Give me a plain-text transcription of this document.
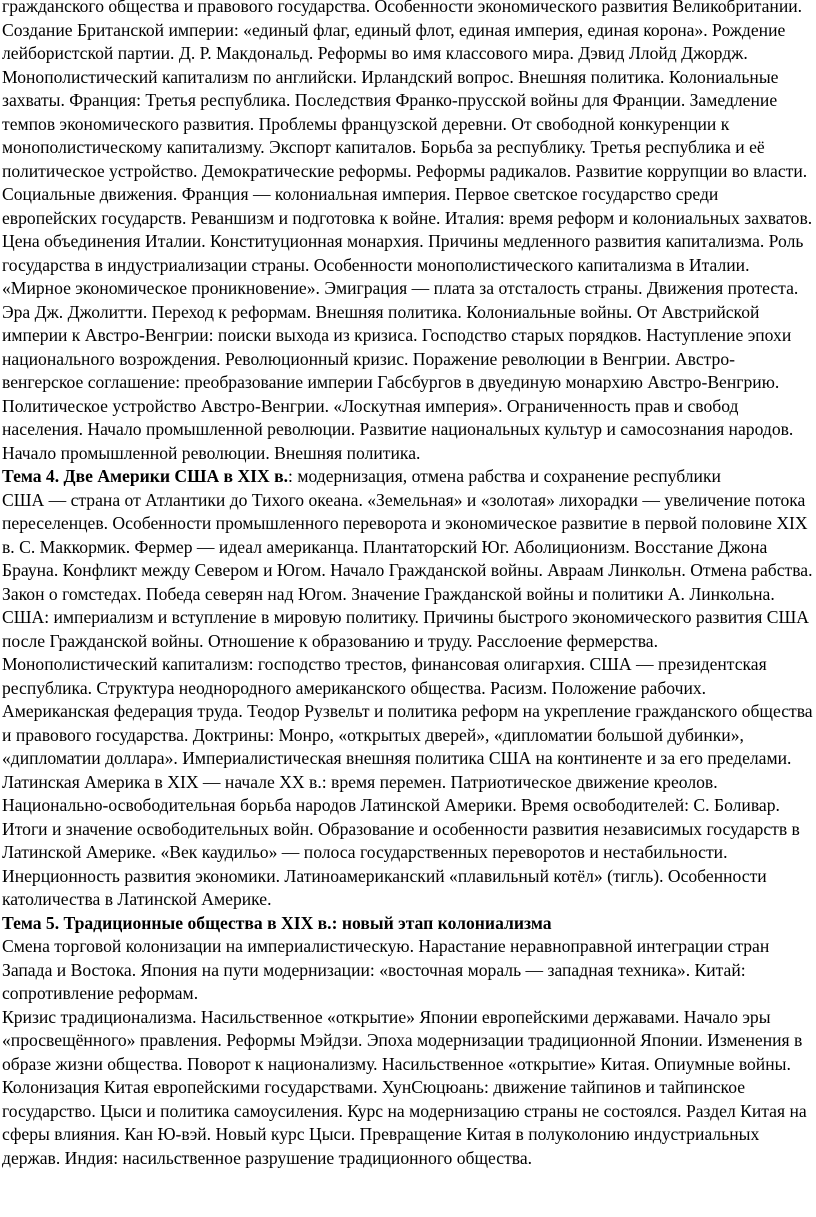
гражданского общества и правового государства. Особенности экономического развития Великобритании. Создание Британской империи: «единый флаг, единый флот, единая империя, единая корона». Рождение лейбористской партии. Д. Р. Макдональд. Реформы во имя классового мира. Дэвид Ллойд Джордж. Монополистический капитализм по английски. Ирландский вопрос. Внешняя политика. Колониальные захваты. Франция: Третья республика. Последствия Франко-прусской войны для Франции. Замедление темпов экономического развития. Проблемы французской деревни. От свободной конкуренции к монополистическому капитализму. Экспорт капиталов. Борьба за республику. Третья республика и её политическое устройство. Демократические реформы. Реформы радикалов. Развитие коррупции во власти. Социальные движения. Франция — колониальная империя. Первое светское государство среди европейских государств. Реваншизм и подготовка к войне. Италия: время реформ и колониальных захватов. Цена объединения Италии. Конституционная монархия. Причины медленного развития капитализма. Роль государства в индустриализации страны. Особенности монополистического капитализма в Италии. «Мирное экономическое проникновение». Эмиграция — плата за отсталость страны. Движения протеста. Эра Дж. Джолитти. Переход к реформам. Внешняя политика. Колониальные войны. От Австрийской империи к Австро-Венгрии: поиски выхода из кризиса. Господство старых порядков. Наступление эпохи национального возрождения. Революционный кризис. Поражение революции в Венгрии. Австро-венгерское соглашение: преобразование империи Габсбургов в двуединую монархию Австро-Венгрию. Политическое устройство Австро-Венгрии. «Лоскутная империя». Ограниченность прав и свобод населения. Начало промышленной революции. Развитие национальных культур и самосознания народов. Начало промышленной революции. Внешняя политика.

Тема 4. Две Америки США в XIX в.: модернизация, отмена рабства и сохранение республики

США — страна от Атлантики до Тихого океана. «Земельная» и «золотая» лихорадки — увеличение потока переселенцев. Особенности промышленного переворота и экономическое развитие в первой половине XIX в. С. Маккормик. Фермер — идеал американца. Плантаторский Юг. Аболиционизм. Восстание Джона Брауна. Конфликт между Севером и Югом. Начало Гражданской войны. Авраам Линкольн. Отмена рабства. Закон о гомстедах. Победа северян над Югом. Значение Гражданской войны и политики А. Линкольна. США: империализм и вступление в мировую политику. Причины быстрого экономического развития США после Гражданской войны. Отношение к образованию и труду. Расслоение фермерства. Монополистический капитализм: господство трестов, финансовая олигархия. США — президентская республика. Структура неоднородного американского общества. Расизм. Положение рабочих. Американская федерация труда. Теодор Рузвельт и политика реформ на укрепление гражданского общества и правового государства. Доктрины: Монро, «открытых дверей», «дипломатии большой дубинки», «дипломатии доллара». Империалистическая внешняя политика США на континенте и за его пределами. Латинская Америка в XIX — начале XX в.: время перемен. Патриотическое движение креолов. Национально-освободительная борьба народов Латинской Америки. Время освободителей: С. Боливар. Итоги и значение освободительных войн. Образование и особенности развития независимых государств в Латинской Америке. «Век каудильо» — полоса государственных переворотов и нестабильности. Инерционность развития экономики. Латиноамериканский «плавильный котёл» (тигль). Особенности католичества в Латинской Америке.

Тема 5. Традиционные общества в XIX в.: новый этап колониализма

Смена торговой колонизации на империалистическую. Нарастание неравноправной интеграции стран Запада и Востока. Япония на пути модернизации: «восточная мораль — западная техника». Китай: сопротивление реформам.

Кризис традиционализма. Насильственное «открытие» Японии европейскими державами. Начало эры «просвещённого» правления. Реформы Мэйдзи. Эпоха модернизации традиционной Японии. Изменения в образе жизни общества. Поворот к национализму. Насильственное «открытие» Китая. Опиумные войны. Колонизация Китая европейскими государствами. ХунСюцюань: движение тайпинов и тайпинское государство. Цыси и политика самоусиления. Курс на модернизацию страны не состоялся. Раздел Китая на сферы влияния. Кан Ю-вэй. Новый курс Цыси. Превращение Китая в полуколонию индустриальных держав. Индия: насильственное разрушение традиционного общества.
